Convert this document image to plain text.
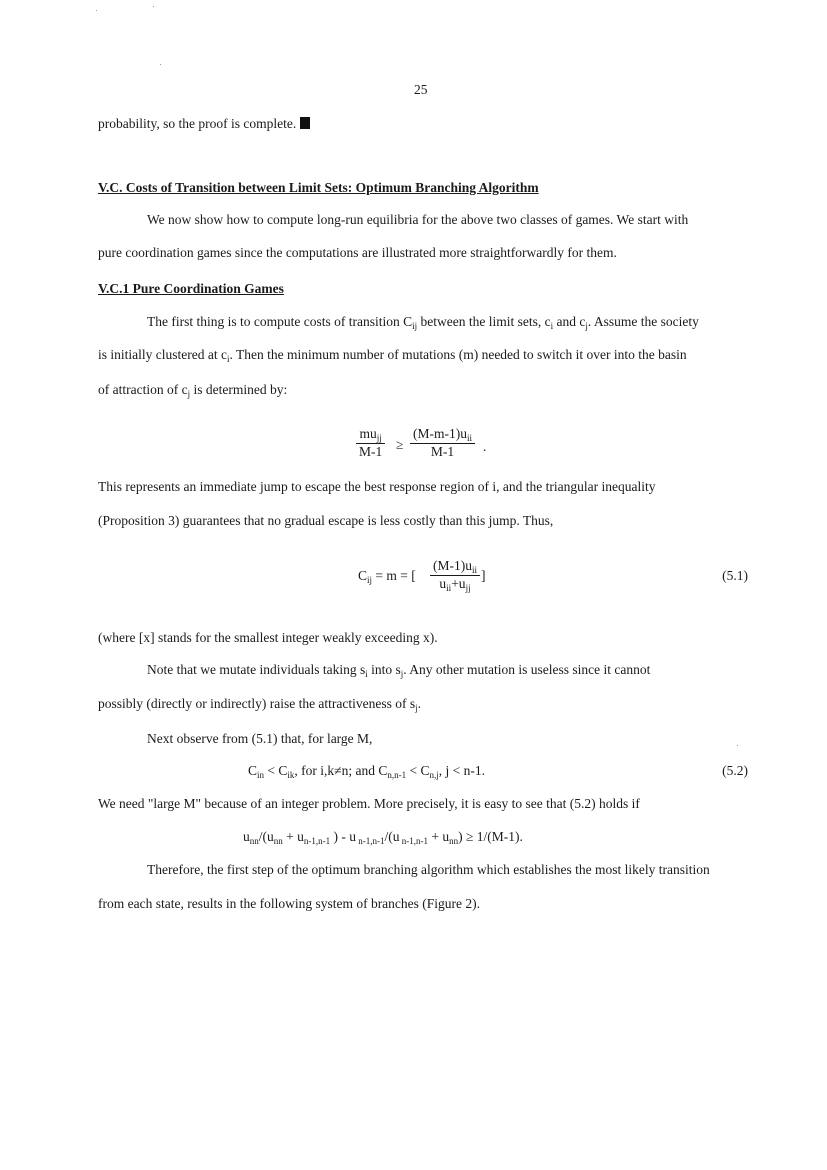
25
probability, so the proof is complete.
V.C. Costs of Transition between Limit Sets: Optimum Branching Algorithm
We now show how to compute long-run equilibria for the above two classes of games. We start with
pure coordination games since the computations are illustrated more straightforwardly for them.
V.C.1 Pure Coordination Games
The first thing is to compute costs of transition $C_{ij}$ between the limit sets, $c_i$ and $c_j$. Assume the society
is initially clustered at $c_i$. Then the minimum number of mutations (m) needed to switch it over into the basin
of attraction of $c_j$ is determined by:
$mu_{jj}$
M-1 ≥
$(M-m-1)u_{ii}$
M-1	.
This represents an immediate jump to escape the best response region of i, and the triangular inequality
(Proposition 3) guarantees that no gradual escape is less costly than this jump. Thus,
$C_{ij} = m$ = [
$(M-1)u_{ii}$
$u_{ii}+u_{jj}$
]	(5.1)
(where [x] stands for the smallest integer weakly exceeding x).
Note that we mutate individuals taking $s_i$ into $s_j$. Any other mutation is useless since it cannot
possibly (directly or indirectly) raise the attractiveness of $s_j$.
Next observe from (5.1) that, for large M,
$C_{in} < C_{ik}$, for i,k≠n; and $C_{n,n-1} < C_{n,j}$, j < n-1.	(5.2)
We need "large M" because of an integer problem. More precisely, it is easy to see that (5.2) holds if
$u_{nn}/(u_{nn} + u_{n-1,n-1}$ ) - u $_{n-1,n-1}$/(u $_{n-1,n-1} + u_{nn}) \ge 1/(M-1)$.
Therefore, the first step of the optimum branching algorithm which establishes the most likely transition
from each state, results in the following system of branches (Figure 2).
